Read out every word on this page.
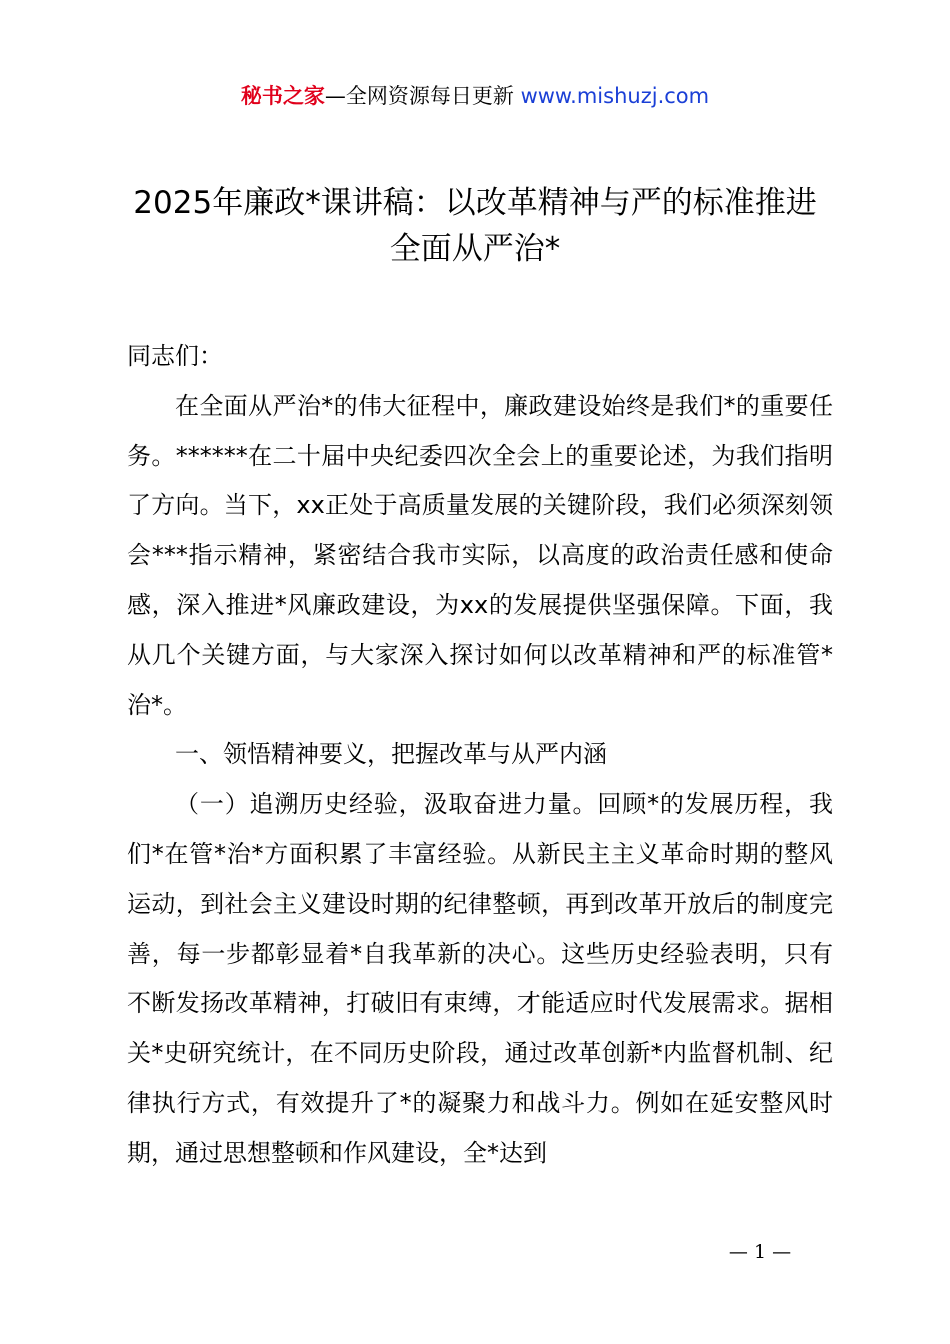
秘书之家—全网资源每日更新 www.mishuzj.com
2025年廉政*课讲稿：以改革精神与严的标准推进全面从严治*

同志们：

在全面从严治*的伟大征程中，廉政建设始终是我们*的重要任务。******在二十届中央纪委四次全会上的重要论述，为我们指明了方向。当下，xx正处于高质量发展的关键阶段，我们必须深刻领会***指示精神，紧密结合我市实际，以高度的政治责任感和使命感，深入推进*风廉政建设，为xx的发展提供坚强保障。下面，我从几个关键方面，与大家深入探讨如何以改革精神和严的标准管*治*。

一、领悟精神要义，把握改革与从严内涵

（一）追溯历史经验，汲取奋进力量。回顾*的发展历程，我们*在管*治*方面积累了丰富经验。从新民主主义革命时期的整风运动，到社会主义建设时期的纪律整顿，再到改革开放后的制度完善，每一步都彰显着*自我革新的决心。这些历史经验表明，只有不断发扬改革精神，打破旧有束缚，才能适应时代发展需求。据相关*史研究统计，在不同历史阶段，通过改革创新*内监督机制、纪律执行方式，有效提升了*的凝聚力和战斗力。例如在延安整风时期，通过思想整顿和作风建设，全*达到

— 1 —
